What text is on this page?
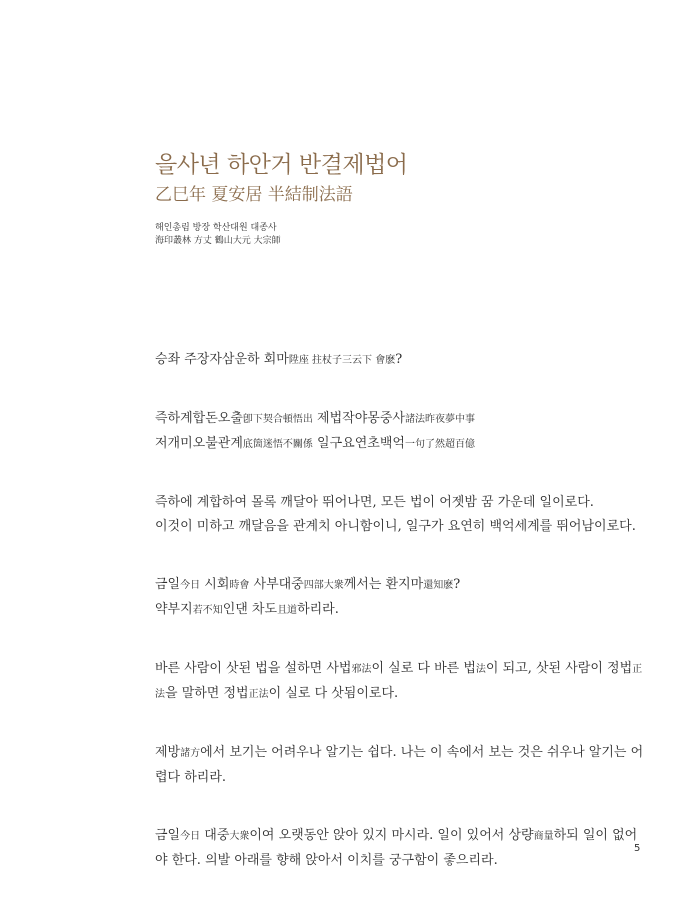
을사년 하안거 반결제법어
乙巳年 夏安居 半結制法語
해인총림 방장 학산대원 대종사
海印叢林 方丈 鶴山大元 大宗師

승좌 주장자삼운하 회마陞座 拄杖子三云下 會麽?

즉하계합돈오출卽下契合頓悟出 제법작야몽중사諸法昨夜夢中事
저개미오불관계底箇迷悟不關係 일구요연초백억一句了然超百億

즉하에 계합하여 몰록 깨달아 뛰어나면, 모든 법이 어젯밤 꿈 가운데 일이로다.
이것이 미하고 깨달음을 관계치 아니함이니, 일구가 요연히 백억세계를 뛰어남이로다.

금일今日 시회時會 사부대중四部大衆께서는 환지마還知麽?
약부지若不知인댄 차도且道하리라.

바른 사람이 삿된 법을 설하면 사법邪法이 실로 다 바른 법法이 되고, 삿된 사람이 정법正
法을 말하면 정법正法이 실로 다 삿됨이로다.

제방諸方에서 보기는 어려우나 알기는 쉽다. 나는 이 속에서 보는 것은 쉬우나 알기는 어
렵다 하리라.

금일今日 대중大衆이여 오랫동안 앉아 있지 마시라. 일이 있어서 상량商量하되 일이 없어
야 한다. 의발 아래를 향해 앉아서 이치를 궁구함이 좋으리라.

5
